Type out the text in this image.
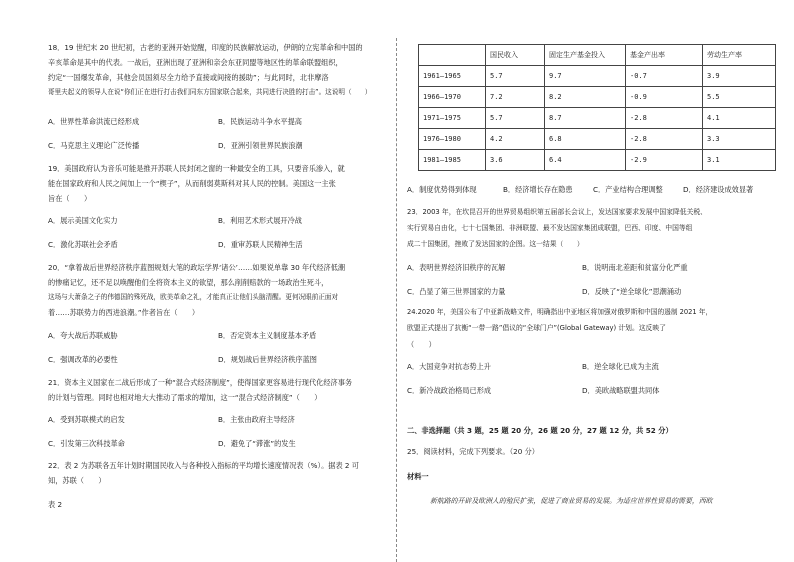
18．19 世纪末 20 世纪初，古老的亚洲开始觉醒，印度的民族解放运动，伊朗的立宪革命和中国的
辛亥革命是其中的代表。一战后，亚洲出现了亚洲和亲会东亚同盟等地区性的革命联盟组织，
约定“一国爆发革命，其他会员国须尽全力给予直接或间接的援助”；与此同时，北非摩洛
哥里夫起义的领导人在说“你们正在进行打击我们同东方国家联合起来，共同进行决胜的打击”。这说明（　　）
A．世界性革命洪流已经形成	B．民族运动斗争水平提高
C．马克思主义理论广泛传播	D．亚洲引领世界民族浪潮
19．美国政府认为音乐可能是推开苏联人民封闭之窗的一种最安全的工具，只要音乐渗入，就
能在国家政府和人民之间加上一个“楔子”，从而削弱莫斯科对其人民的控制。美国这一主张
旨在（　　）
A．展示美国文化实力	B．利用艺术形式展开冷战
C．激化苏联社会矛盾	D．重审苏联人民精神生活
20．“拿着战后世界经济秩序蓝图规划大笔的政坛学界‘诸公’……如果说单靠 30 年代经济低潮
的惨痛记忆，还不足以唤醒他们全将资本主义的欲望，那么削削赔款的一场政治生死斗，
这场与大萧条之子的伟德国的殊死战，欧美革命之礼，才能真正让他们头脑清醒。更何况眼前正面对
着……苏联势力的西进浪潮。”作者旨在（　　）
A．夸大战后苏联威胁	B．否定资本主义制度基本矛盾
C．强调改革的必要性	D．规划战后世界经济秩序蓝图
21．资本主义国家在二战后形成了一种“混合式经济制度”，使得国家更容易进行现代化经济事务
的计划与管理。同时也相对地大大推动了需求的增加，这一“混合式经济制度”（　　）
A．受到苏联模式的启发	B．主张由政府主导经济
C．引发第三次科技革命	D．避免了“滞涨”的发生
22．表 2 为苏联各五年计划时期国民收入与各种投入指标的平均增长速度情况表（%）。据表 2 可
知，苏联（　　）
表 2
	国民收入	固定生产基金投入	基金产出率	劳动生产率
1961—1965	5.7	9.7	-0.7	3.9
1966—1970	7.2	8.2	-0.9	5.5
1971—1975	5.7	8.7	-2.8	4.1
1976—1980	4.2	6.8	-2.8	3.3
1981—1985	3.6	6.4	-2.9	3.1
A．制度优势得到体现	B．经济增长存在隐患	C．产业结构合理调整	D．经济建设成效显著
23．2003 年，在坎昆召开的世界贸易组织第五届部长会议上，发达国家要求发展中国家降低关税、
实行贸易自由化，七十七国集团、非洲联盟、最不发达国家集团成联盟，巴西、印度、中国等组
成二十国集团，挫败了发达国家的企图。这一结果（　　）
A．表明世界经济旧秩序的瓦解	B．说明南北差距和贫富分化严重
C．凸显了第三世界国家的力量	D．反映了“逆全球化”思潮涌动
24.2020 年，美国公布了中亚新战略文件，明确指出中亚地区将加强对俄罗斯和中国的遏制 2021 年，
欧盟正式提出了抗衡“一带一路”倡议的“全球门户”(Global Gateway) 计划。这反映了
（　　）
A．大国竞争对抗态势上升	B．逆全球化已成为主流
C．新冷战政治格局已形成	D．美欧战略联盟共同体
二、非选择题（共 3 题，25 题 20 分，26 题 20 分，27 题 12 分，共 52 分）
25．阅读材料，完成下列要求。（20 分）
材料一
新航路的开辟及欧洲人的殖民扩张，促进了商业贸易的发展。为适应世界性贸易的需要，西欧
